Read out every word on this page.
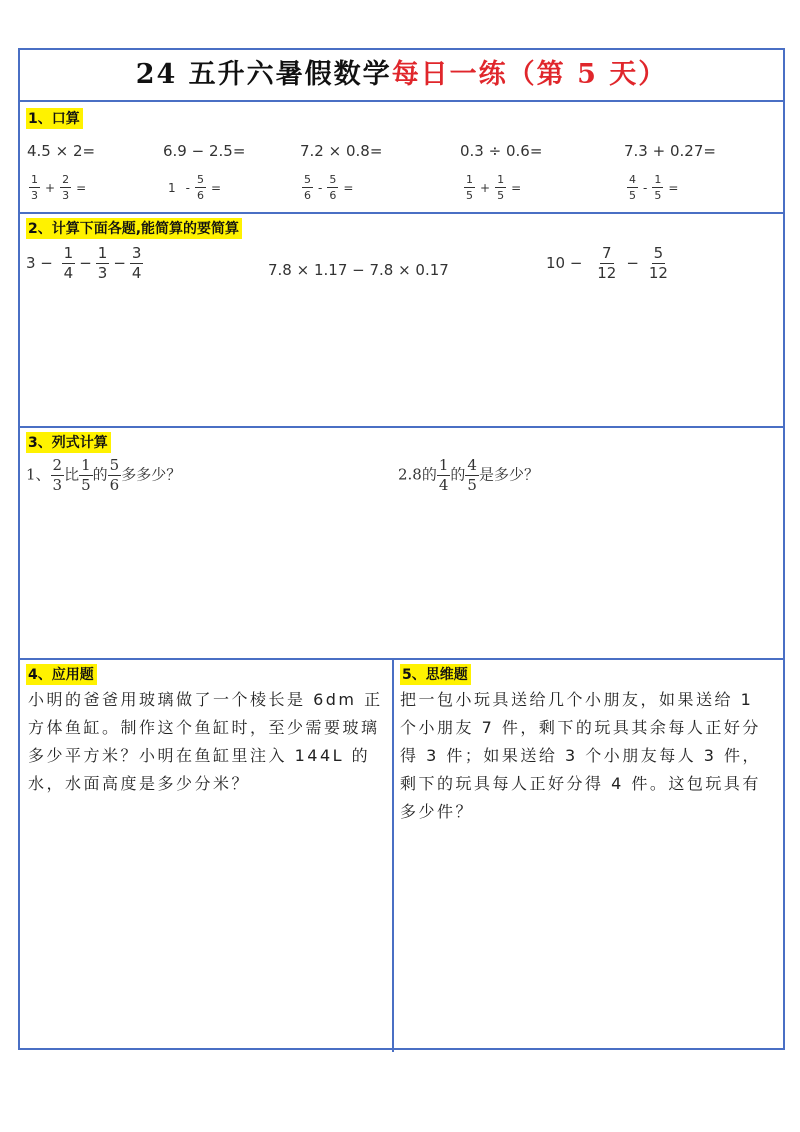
24 五升六暑假数学每日一练（第 5 天）
1、口算
4.5 × 2=	6.9 − 2.5=	7.2 × 0.8=	0.3 ÷ 0.6=	7.3 + 0.27=
$\frac{1}{3} + \frac{2}{3}$ =	$1 - \frac{5}{6}$ =	$\frac{5}{6} - \frac{5}{6}$ =	$\frac{1}{5} + \frac{1}{5}$ =	$\frac{4}{5} - \frac{1}{5}$ =
2、计算下面各题,能简算的要简算
$3 - \frac{1}{4} - \frac{1}{3} - \frac{3}{4}$	7.8 × 1.17 − 7.8 × 0.17	$10 - \frac{7}{12} - \frac{5}{12}$
3、列式计算
1、 $\frac{2}{3}$ 比 $\frac{1}{5}$ 的 $\frac{5}{6}$ 多多少？	2.8的 $\frac{1}{4}$ 的 $\frac{4}{5}$ 是多少？
4、应用题
小明的爸爸用玻璃做了一个棱长是 6dm 正方体鱼缸。制作这个鱼缸时，至少需要玻璃多少平方米？小明在鱼缸里注入 144L 的水，水面高度是多少分米？
5、思维题
把一包小玩具送给几个小朋友，如果送给 1 个小朋友 7 件，剩下的玩具其余每人正好分得 3 件；如果送给 3 个小朋友每人 3 件，剩下的玩具每人正好分得 4 件。这包玩具有多少件？
